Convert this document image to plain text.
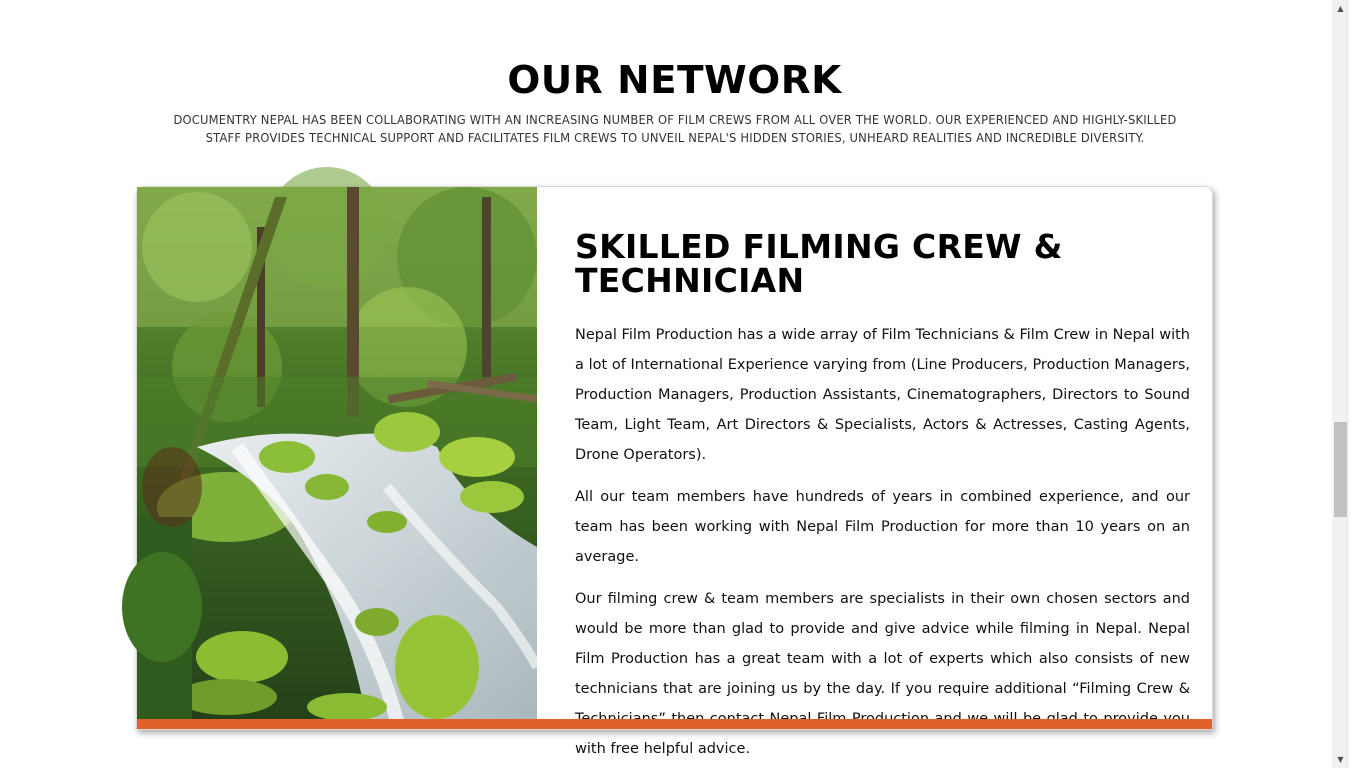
OUR NETWORK

DOCUMENTRY NEPAL HAS BEEN COLLABORATING WITH AN INCREASING NUMBER OF FILM CREWS FROM ALL OVER THE WORLD. OUR EXPERIENCED AND HIGHLY-SKILLED STAFF PROVIDES TECHNICAL SUPPORT AND FACILITATES FILM CREWS TO UNVEIL NEPAL'S HIDDEN STORIES, UNHEARD REALITIES AND INCREDIBLE DIVERSITY.

SKILLED FILMING CREW & TECHNICIAN

Nepal Film Production has a wide array of Film Technicians & Film Crew in Nepal with a lot of International Experience varying from (Line Producers, Production Managers, Production Managers, Production Assistants, Cinematographers, Directors to Sound Team, Light Team, Art Directors & Specialists, Actors & Actresses, Casting Agents, Drone Operators).

All our team members have hundreds of years in combined experience, and our team has been working with Nepal Film Production for more than 10 years on an average.

Our filming crew & team members are specialists in their own chosen sectors and would be more than glad to provide and give advice while filming in Nepal. Nepal Film Production has a great team with a lot of experts which also consists of new technicians that are joining us by the day. If you require additional “Filming Crew & with free helpful advice.

▲
▼
